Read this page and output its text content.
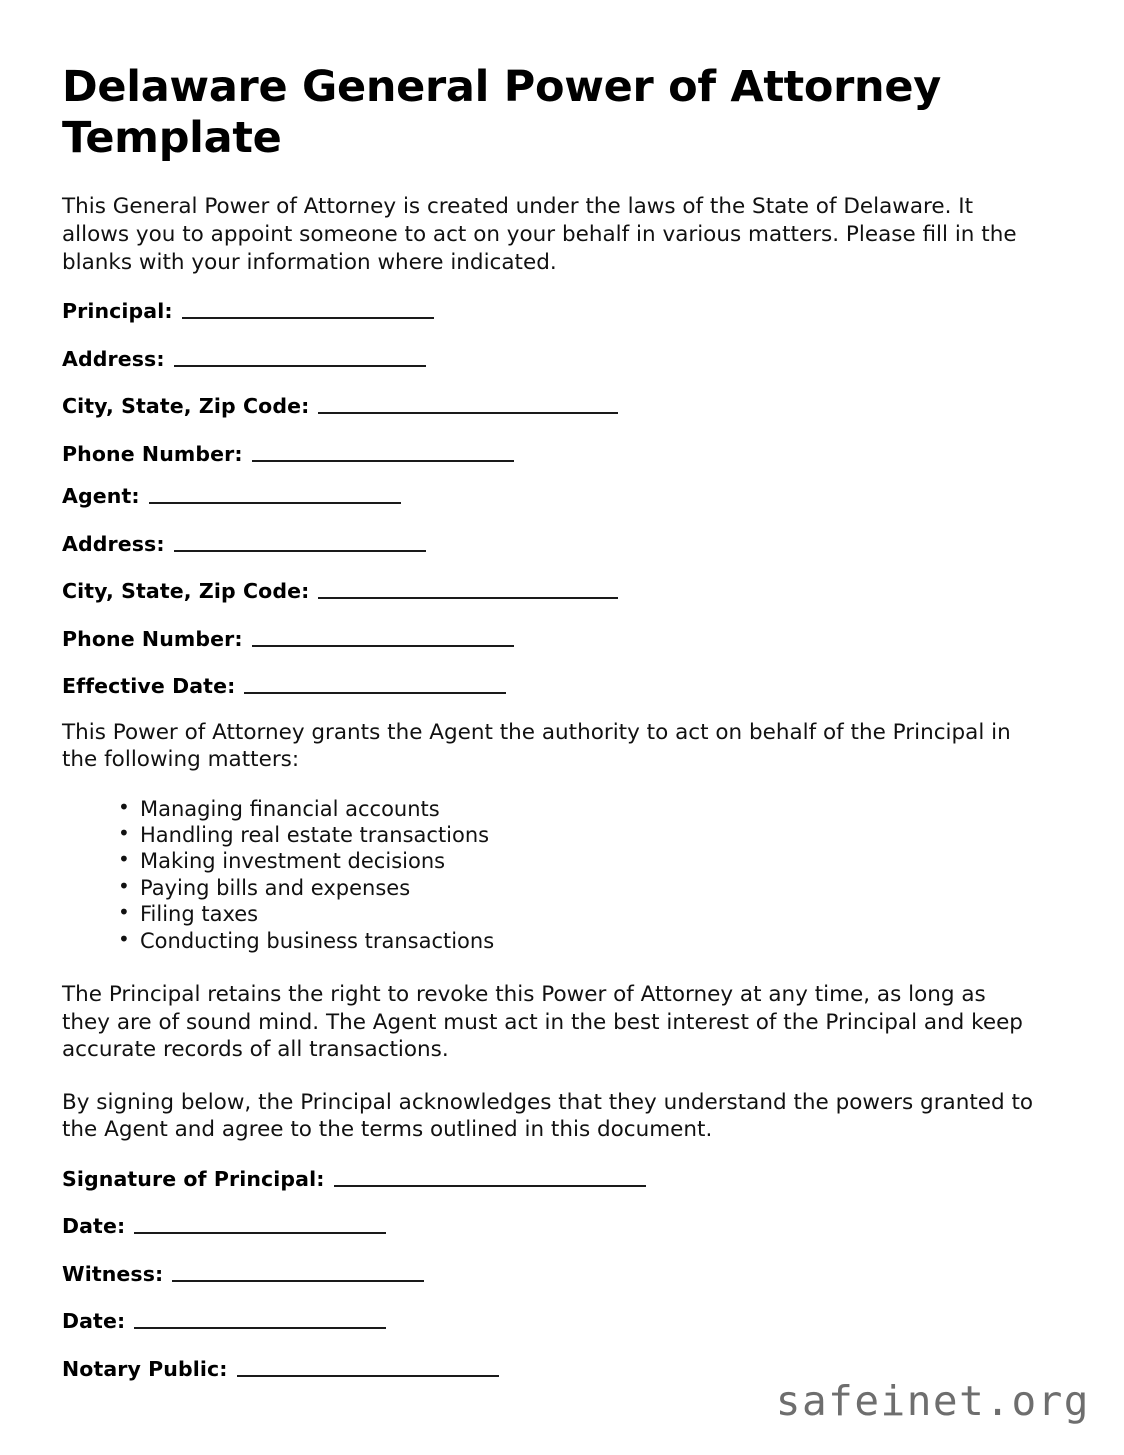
Delaware General Power of Attorney Template

This General Power of Attorney is created under the laws of the State of Delaware. It allows you to appoint someone to act on your behalf in various matters. Please fill in the blanks with your information where indicated.

Principal:
Address:
City, State, Zip Code:
Phone Number:
Agent:
Address:
City, State, Zip Code:
Phone Number:
Effective Date:

This Power of Attorney grants the Agent the authority to act on behalf of the Principal in the following matters:

• Managing financial accounts
• Handling real estate transactions
• Making investment decisions
• Paying bills and expenses
• Filing taxes
• Conducting business transactions

The Principal retains the right to revoke this Power of Attorney at any time, as long as they are of sound mind. The Agent must act in the best interest of the Principal and keep accurate records of all transactions.

By signing below, the Principal acknowledges that they understand the powers granted to the Agent and agree to the terms outlined in this document.

Signature of Principal:
Date:
Witness:
Date:
Notary Public:
safeinet.org
